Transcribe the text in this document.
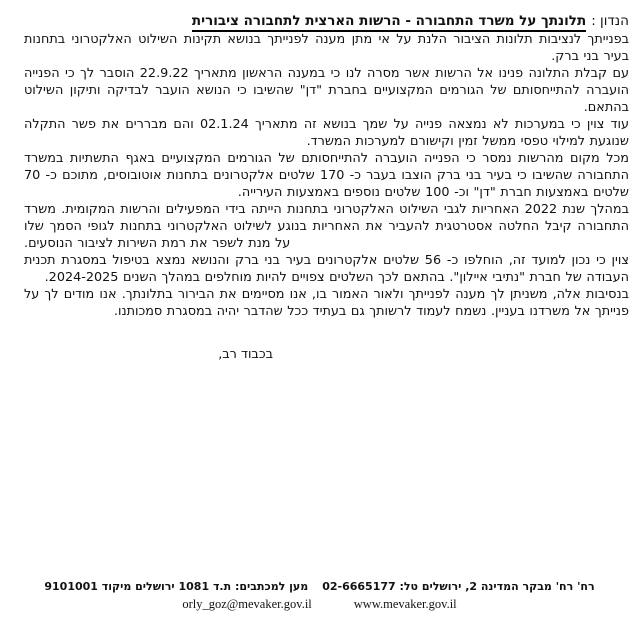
הנדון :תלונתך על משרד התחבורה - הרשות הארצית לתחבורה ציבורית

בפנייתך לנציבות תלונות הציבור הלנת על אי מתן מענה לפנייתך בנושא תקינות השילוט האלקטרוני בתחנות בעיר בני ברק.

עם קבלת התלונה פנינו אל הרשות אשר מסרה לנו כי במענה הראשון מתאריך 22.9.22 הוסבר לך כי הפנייה הועברה להתייחסותם של הגורמים המקצועיים בחברת "דן" שהשיבו כי הנושא הועבר לבדיקה ותיקון השילוט בהתאם.

עוד צוין כי במערכות לא נמצאה פנייה על שמך בנושא זה מתאריך 02.1.24 והם מבררים את פשר התקלה שנוגעת למילוי טפסי ממשל זמין וקישורם למערכות המשרד.

מכל מקום מהרשות נמסר כי הפנייה הועברה להתייחסותם של הגורמים המקצועיים באגף התשתיות במשרד התחבורה שהשיבו כי בעיר בני ברק הוצבו בעבר כ- 170 שלטים אלקטרונים בתחנות אוטובוסים, מתוכם כ- 70 שלטים באמצעות חברת "דן" וכ- 100 שלטים נוספים באמצעות העירייה.

במהלך שנת 2022 האחריות לגבי השילוט האלקטרוני בתחנות הייתה בידי המפעילים והרשות המקומית. משרד התחבורה קיבל החלטה אסטרטגית להעביר את האחריות בנוגע לשילוט האלקטרוני בתחנות לגופי הסמך שלו על מנת לשפר את רמת השירות לציבור הנוסעים.

צוין כי נכון למועד זה, הוחלפו כ- 56 שלטים אלקטרונים בעיר בני ברק והנושא נמצא בטיפול במסגרת תכנית העבודה של חברת "נתיבי איילון". בהתאם לכך השלטים צפויים להיות מוחלפים במהלך השנים 2024-2025.

בנסיבות אלה, משניתן לך מענה לפנייתך ולאור האמור בו, אנו מסיימים את הבירור בתלונתך. אנו מודים לך על פנייתך אל משרדנו בעניין. נשמח לעמוד לרשותך גם בעתיד ככל שהדבר יהיה במסגרת סמכותנו.

בכבוד רב,
רח' רח' מבקר המדינה 2, ירושלים טל: 02-6665177מען למכתבים: ת.ד 1081 ירושלים מיקוד 9101001
orly_goz@mevaker.gov.il	www.mevaker.gov.il
